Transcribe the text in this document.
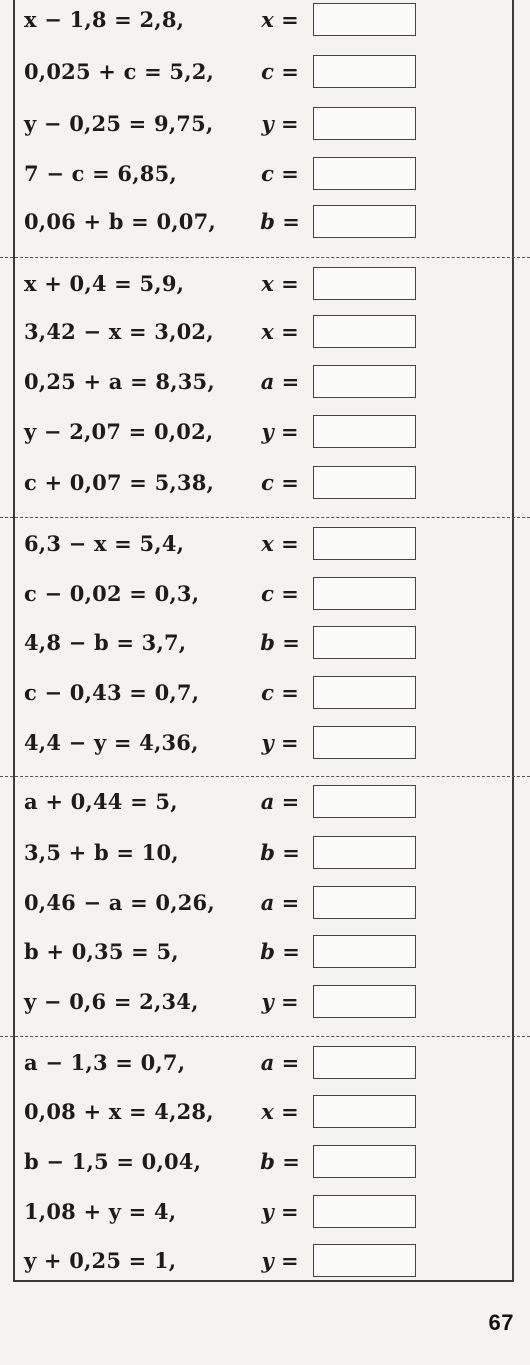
x − 1,8 = 2,8,	x =
0,025 + c = 5,2,	c =
y − 0,25 = 9,75,	y =
7 − c = 6,85,	c =
0,06 + b = 0,07, b =
x + 0,4 = 5,9,	x =
3,42 − x = 3,02,	x =
0,25 + a = 8,35,	a =
y − 2,07 = 0,02,	y =
c + 0,07 = 5,38,	c =
6,3 − x = 5,4,	x =
c − 0,02 = 0,3,	c =
4,8 − b = 3,7,	b =
c − 0,43 = 0,7,	c =
4,4 − y = 4,36,	y =
a + 0,44 = 5,	a =
3,5 + b = 10,	b =
0,46 − a = 0,26,	a =
b + 0,35 = 5,	b =
y − 0,6 = 2,34,	y =
a − 1,3 = 0,7,	a =
0,08 + x = 4,28,	x =
b − 1,5 = 0,04,	b =
1,08 + y = 4,	y =
y + 0,25 = 1,	y =
67
